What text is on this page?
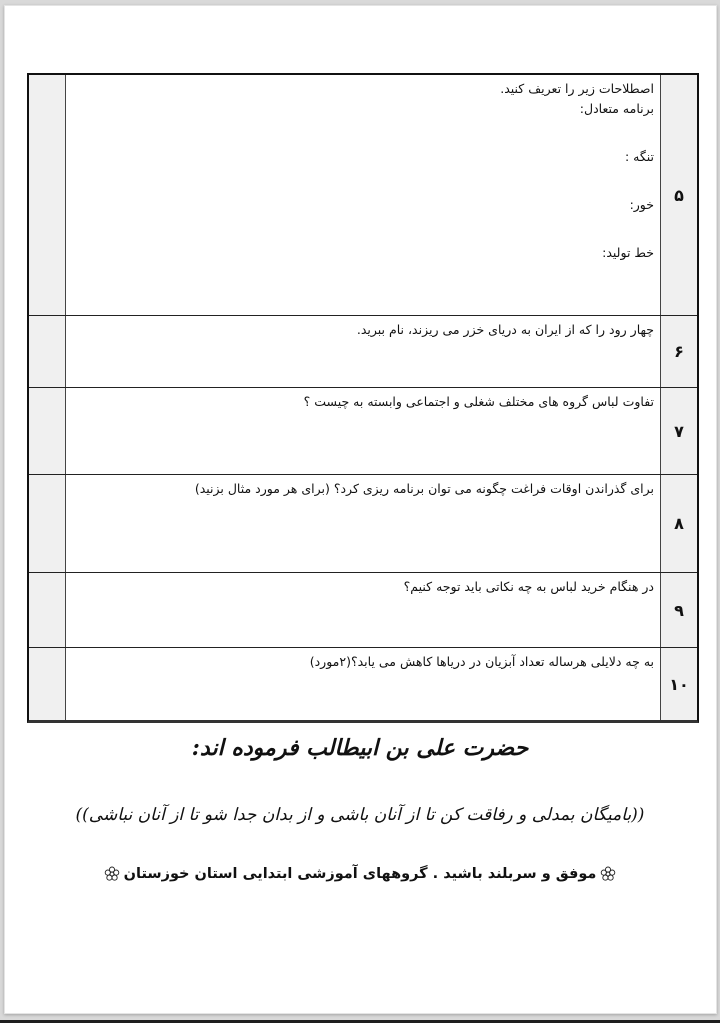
اصطلاحات زیر را تعریف کنید.
برنامه متعادل:
تنگه :
خور:
خط تولید:
۵
چهار رود را که از ایران به دریای خزر می ریزند، نام ببرید.
۶
تفاوت لباس گروه های مختلف شغلی و اجتماعی وابسته به چیست ؟
۷
برای گذراندن اوقات فراغت چگونه می توان برنامه ریزی کرد؟ (برای هر مورد مثال بزنید)
۸
در هنگام خرید لباس به چه نکاتی باید توجه کنیم؟
۹
به چه دلایلی هرساله تعداد آبزیان در دریاها کاهش می یابد؟(۲مورد)
۱۰
حضرت علی بن ابیطالب فرموده اند:
((بامیگان بمدلی و رفاقت کن تا از آنان باشی و از بدان جدا شو تا از آنان نباشی))
موفق و سربلند باشید . گروههای آموزشی ابتدایی استان خوزستان
